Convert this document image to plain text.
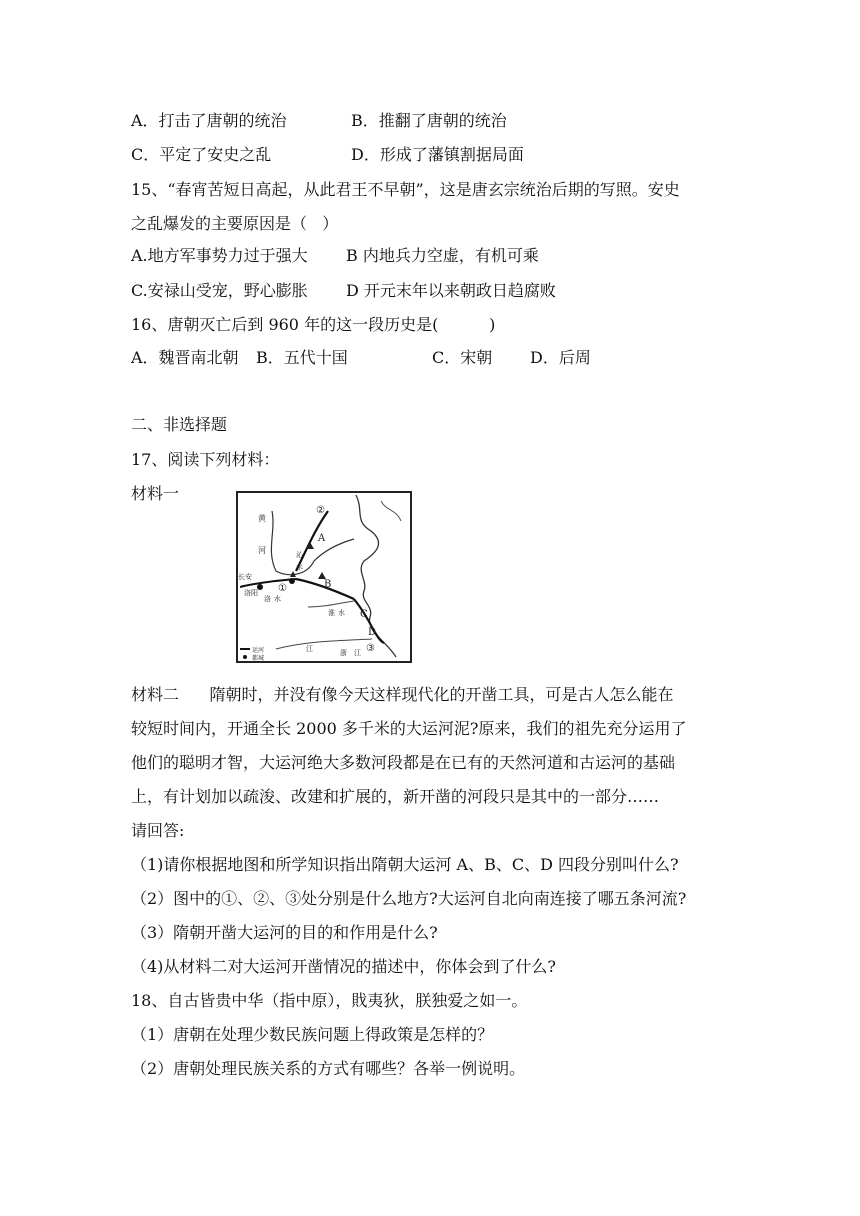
A．打击了唐朝的统治	B．推翻了唐朝的统治
C．平定了安史之乱	D．形成了藩镇割据局面
15、“春宵苦短日高起，从此君王不早朝”，这是唐玄宗统治后期的写照。安史
之乱爆发的主要原因是（   ）
A.地方军事势力过于强大 B 内地兵力空虚，有机可乘
C.安禄山受宠，野心膨胀 D 开元末年以来朝政日趋腐败
16、唐朝灭亡后到 960 年的这一段历史是(          )
A．魏晋南北朝 B．五代十国	C．宋朝 D．后周
二、非选择题
17、阅读下列材料：
材料一
②
A
B
C
D
①
③
黄
河	沁
水
洛 水
淮 水
长安
洛阳
江	浙 江
运河
都城
材料二      隋朝时，并没有像今天这样现代化的开凿工具，可是古人怎么能在
较短时间内，开通全长 2000 多千米的大运河泥?原来，我们的祖先充分运用了
他们的聪明才智，大运河绝大多数河段都是在已有的天然河道和古运河的基础
上，有计划加以疏浚、改建和扩展的，新开凿的河段只是其中的一部分……
请回答:
（1)请你根据地图和所学知识指出隋朝大运河 A、B、C、D 四段分别叫什么?
（2）图中的①、②、③处分别是什么地方?大运河自北向南连接了哪五条河流?
（3）隋朝开凿大运河的目的和作用是什么?
（4)从材料二对大运河开凿情况的描述中，你体会到了什么?
18、自古皆贵中华（指中原），戝夷狄，朕独爱之如一。
（1）唐朝在处理少数民族问题上得政策是怎样的？
（2）唐朝处理民族关系的方式有哪些？各举一例说明。
